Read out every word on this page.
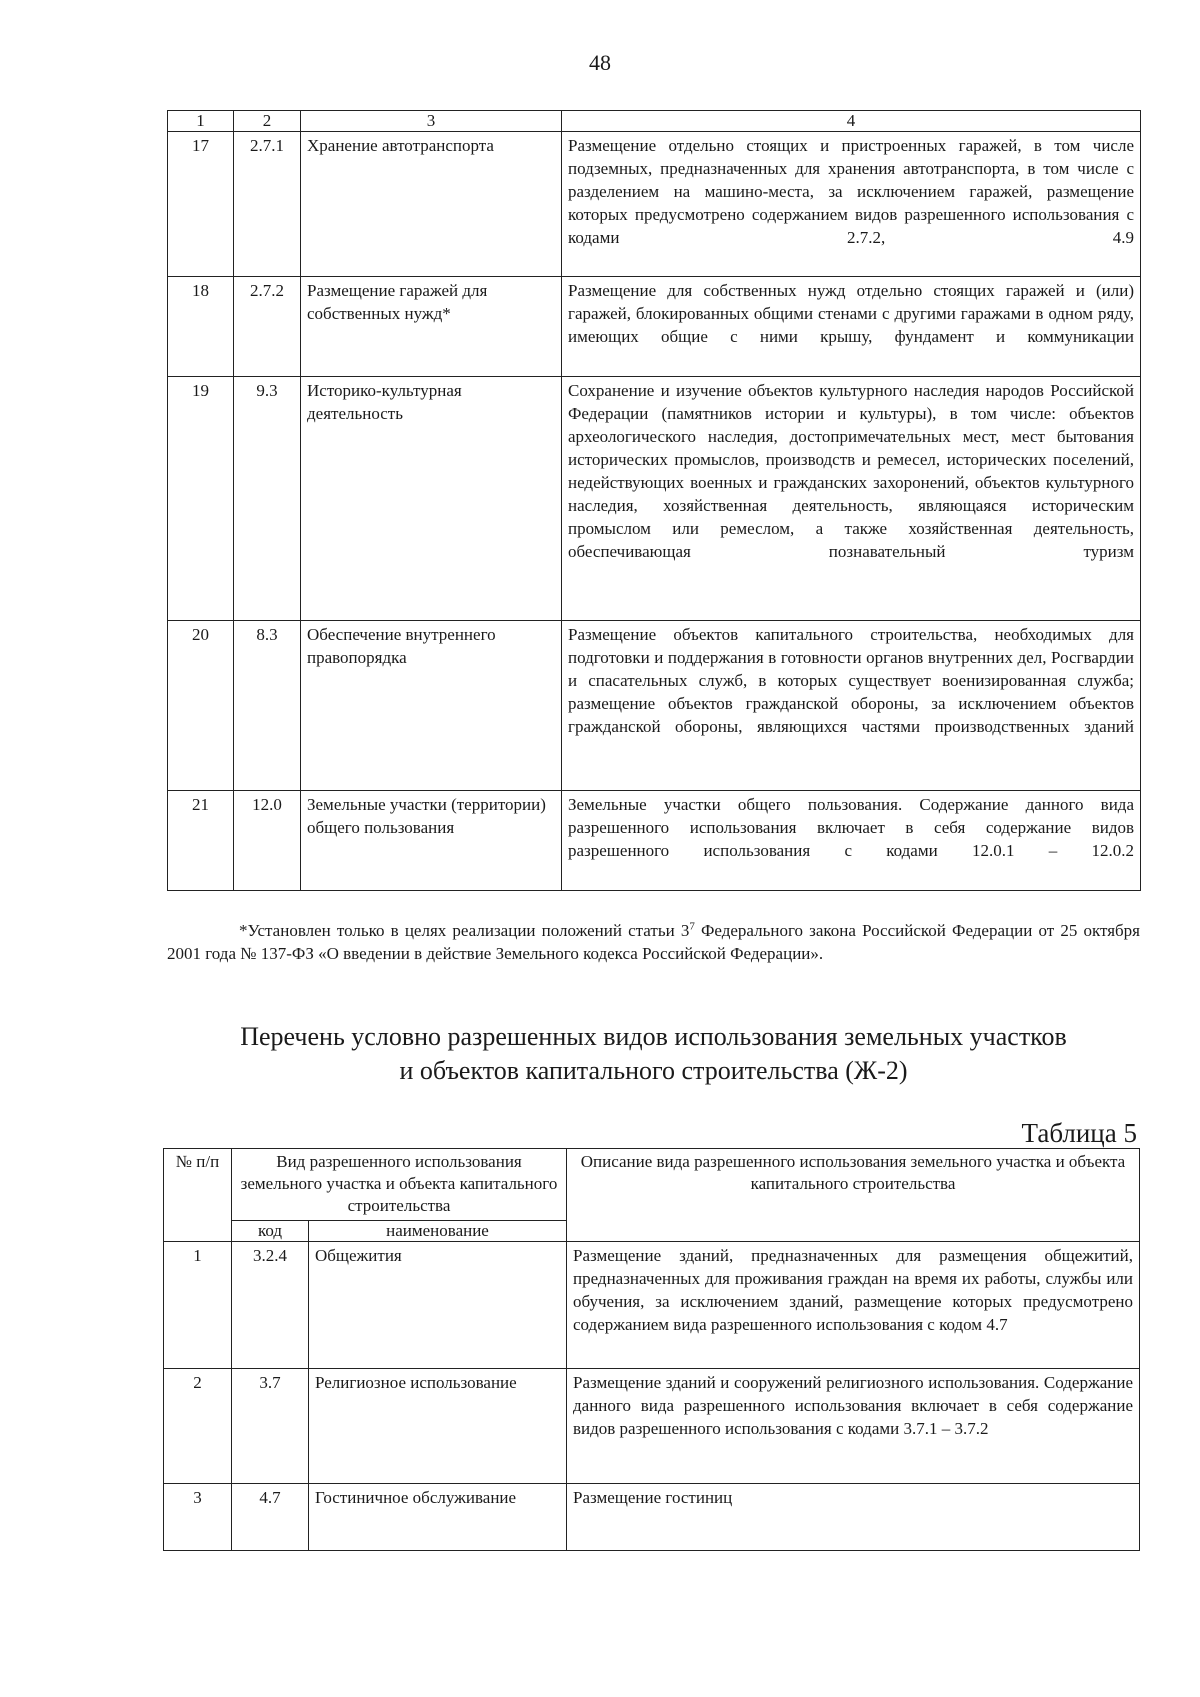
48
1	2	3	4
17	2.7.1	Хранение автотранспорта	Размещение отдельно стоящих и пристроенных гаражей, в том числе подземных, предназначенных для хранения автотранспорта, в том числе с разделением на машино-места, за исключением гаражей, размещение которых предусмотрено содержанием видов разрешенного использования с кодами 2.7.2, 4.9
18	2.7.2	Размещение гаражей для собственных нужд*	Размещение для собственных нужд отдельно стоящих гаражей и (или) гаражей, блокированных общими стенами с другими гаражами в одном ряду, имеющих общие с ними крышу, фундамент и коммуникации
19	9.3	Историко-культурная деятельность	Сохранение и изучение объектов культурного наследия народов Российской Федерации (памятников истории и культуры), в том числе: объектов археологического наследия, достопримечательных мест, мест бытования исторических промыслов, производств и ремесел, исторических поселений, недействующих военных и гражданских захоронений, объектов культурного наследия, хозяйственная деятельность, являющаяся историческим промыслом или ремеслом, а также хозяйственная деятельность, обеспечивающая познавательный туризм
20	8.3	Обеспечение внутреннего правопорядка	Размещение объектов капитального строительства, необходимых для подготовки и поддержания в готовности органов внутренних дел, Росгвардии и спасательных служб, в которых существует военизированная служба; размещение объектов гражданской обороны, за исключением объектов гражданской обороны, являющихся частями производственных зданий
21	12.0	Земельные участки (территории) общего пользования	Земельные участки общего пользования. Содержание данного вида разрешенного использования включает в себя содержание видов разрешенного использования с кодами 12.0.1 – 12.0.2
*Установлен только в целях реализации положений статьи $3^7$ Федерального закона Российской Федерации от 25 октября 2001 года № 137-ФЗ «О введении в действие Земельного кодекса Российской Федерации».
Перечень условно разрешенных видов использования земельных участков
и объектов капитального строительства (Ж-2)
Таблица 5
№ п/п	Вид разрешенного использования земельного участка и объекта капитального строительства		Описание вида разрешенного использования земельного участка и объекта капитального строительства
	код	наименование	
1	3.2.4	Общежития	Размещение зданий, предназначенных для размещения общежитий, предназначенных для проживания граждан на время их работы, службы или обучения, за исключением зданий, размещение которых предусмотрено содержанием вида разрешенного использования с кодом 4.7
2	3.7	Религиозное использование	Размещение зданий и сооружений религиозного использования. Содержание данного вида разрешенного использования включает в себя содержание видов разрешенного использования с кодами 3.7.1 – 3.7.2
3	4.7	Гостиничное обслуживание	Размещение гостиниц
